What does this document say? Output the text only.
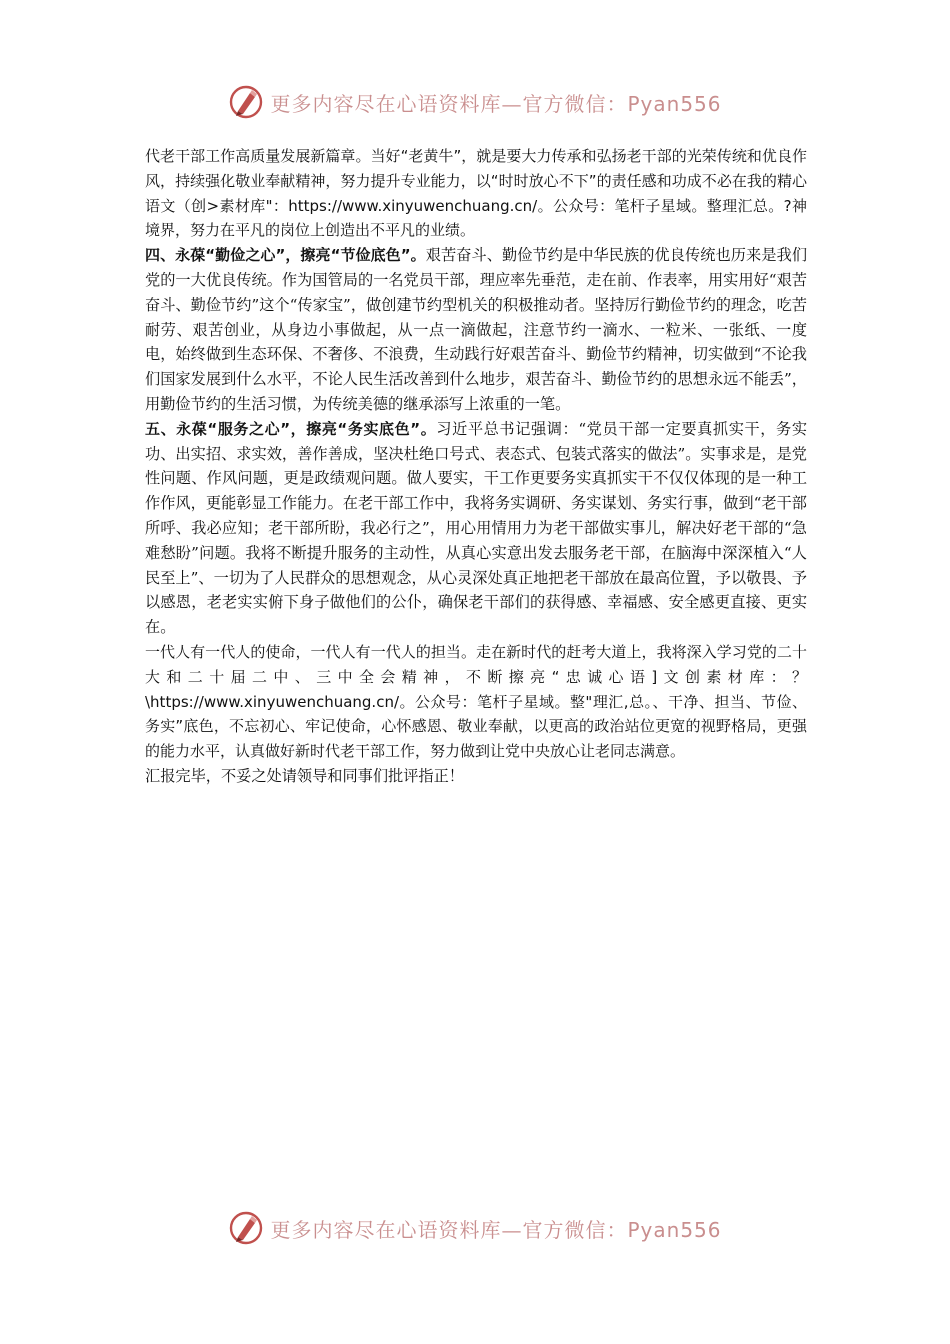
更多内容尽在心语资料库—官方微信：Pyan556

代老干部工作高质量发展新篇章。当好“老黄牛”，就是要大力传承和弘扬老干部的光荣传统和优良作风，持续强化敬业奉献精神，努力提升专业能力，以“时时放心不下”的责任感和功成不必在我的精心语文（创>素材库"：https://www.xinyuwenchuang.cn/。公众号：笔杆子星域。整理汇总。?神境界，努力在平凡的岗位上创造出不平凡的业绩。

四、永葆“勤俭之心”，擦亮“节俭底色”。艰苦奋斗、勤俭节约是中华民族的优良传统也历来是我们党的一大优良传统。作为国管局的一名党员干部，理应率先垂范，走在前、作表率，用实用好“艰苦奋斗、勤俭节约”这个“传家宝”，做创建节约型机关的积极推动者。坚持厉行勤俭节约的理念，吃苦耐劳、艰苦创业，从身边小事做起，从一点一滴做起，注意节约一滴水、一粒米、一张纸、一度电，始终做到生态环保、不奢侈、不浪费，生动践行好艰苦奋斗、勤俭节约精神，切实做到“不论我们国家发展到什么水平，不论人民生活改善到什么地步，艰苦奋斗、勤俭节约的思想永远不能丢”，用勤俭节约的生活习惯，为传统美德的继承添写上浓重的一笔。

五、永葆“服务之心”，擦亮“务实底色”。习近平总书记强调：“党员干部一定要真抓实干，务实功、出实招、求实效，善作善成，坚决杜绝口号式、表态式、包装式落实的做法”。实事求是，是党性问题、作风问题，更是政绩观问题。做人要实，干工作更要务实真抓实干不仅仅体现的是一种工作作风，更能彰显工作能力。在老干部工作中，我将务实调研、务实谋划、务实行事，做到“老干部所呼、我必应知；老干部所盼，我必行之”，用心用情用力为老干部做实事儿，解决好老干部的“急难愁盼”问题。我将不断提升服务的主动性，从真心实意出发去服务老干部，在脑海中深深植入“人民至上”、一切为了人民群众的思想观念，从心灵深处真正地把老干部放在最高位置，予以敬畏、予以感恩，老老实实俯下身子做他们的公仆，确保老干部们的获得感、幸福感、安全感更直接、更实在。

一代人有一代人的使命，一代人有一代人的担当。走在新时代的赶考大道上，我将深入学习党的二十大和二十届二中、三中全会精神，不断擦亮“忠诚心语]文创素材库：？\https://www.xinyuwenchuang.cn/。公众号：笔杆子星域。整"理汇,总。、干净、担当、节俭、务实”底色，不忘初心、牢记使命，心怀感恩、敬业奉献，以更高的政治站位更宽的视野格局，更强的能力水平，认真做好新时代老干部工作，努力做到让党中央放心让老同志满意。

汇报完毕，不妥之处请领导和同事们批评指正！

更多内容尽在心语资料库—官方微信：Pyan556
